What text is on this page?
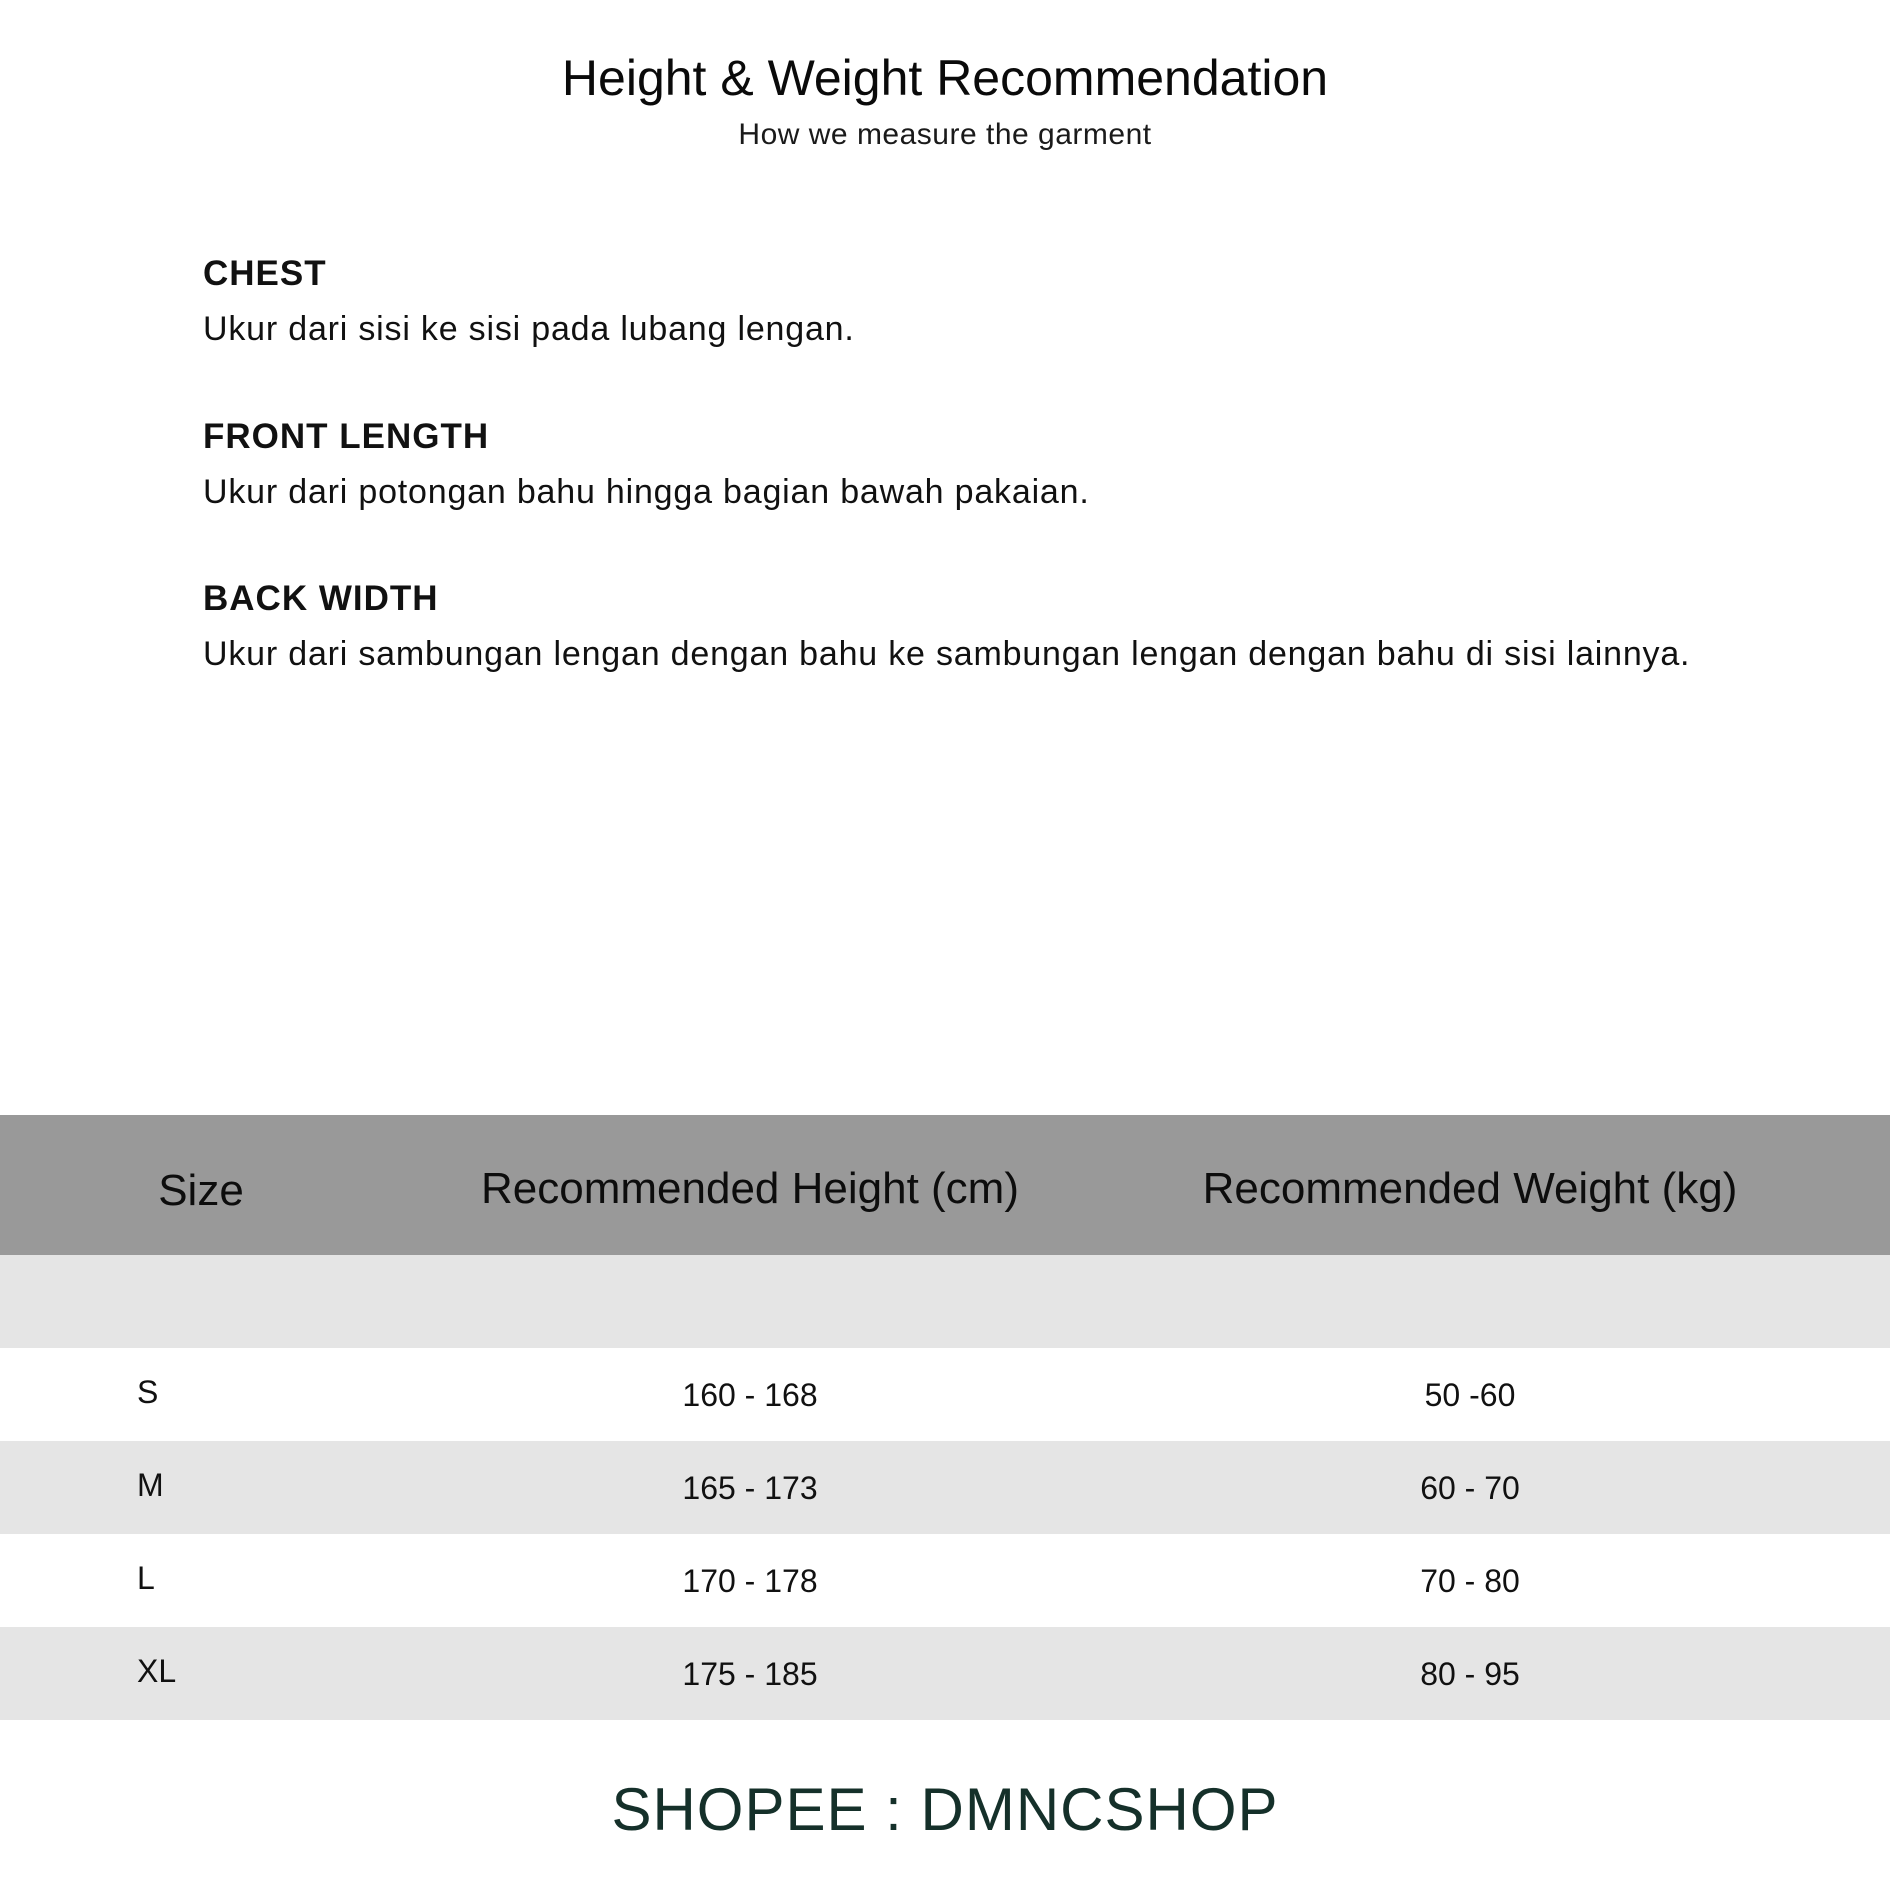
Height & Weight Recommendation
How we measure the garment
CHEST
Ukur dari sisi ke sisi pada lubang lengan.
FRONT LENGTH
Ukur dari potongan bahu hingga bagian bawah pakaian.
BACK WIDTH
Ukur dari sambungan lengan dengan bahu ke sambungan lengan dengan bahu di sisi lainnya.
Size	Recommended Height (cm)	Recommended Weight (kg)
S	160 - 168	50 -60
M	165 - 173	60 - 70
L	170 - 178	70 - 80
XL	175 - 185	80 - 95
SHOPEE : DMNCSHOP
